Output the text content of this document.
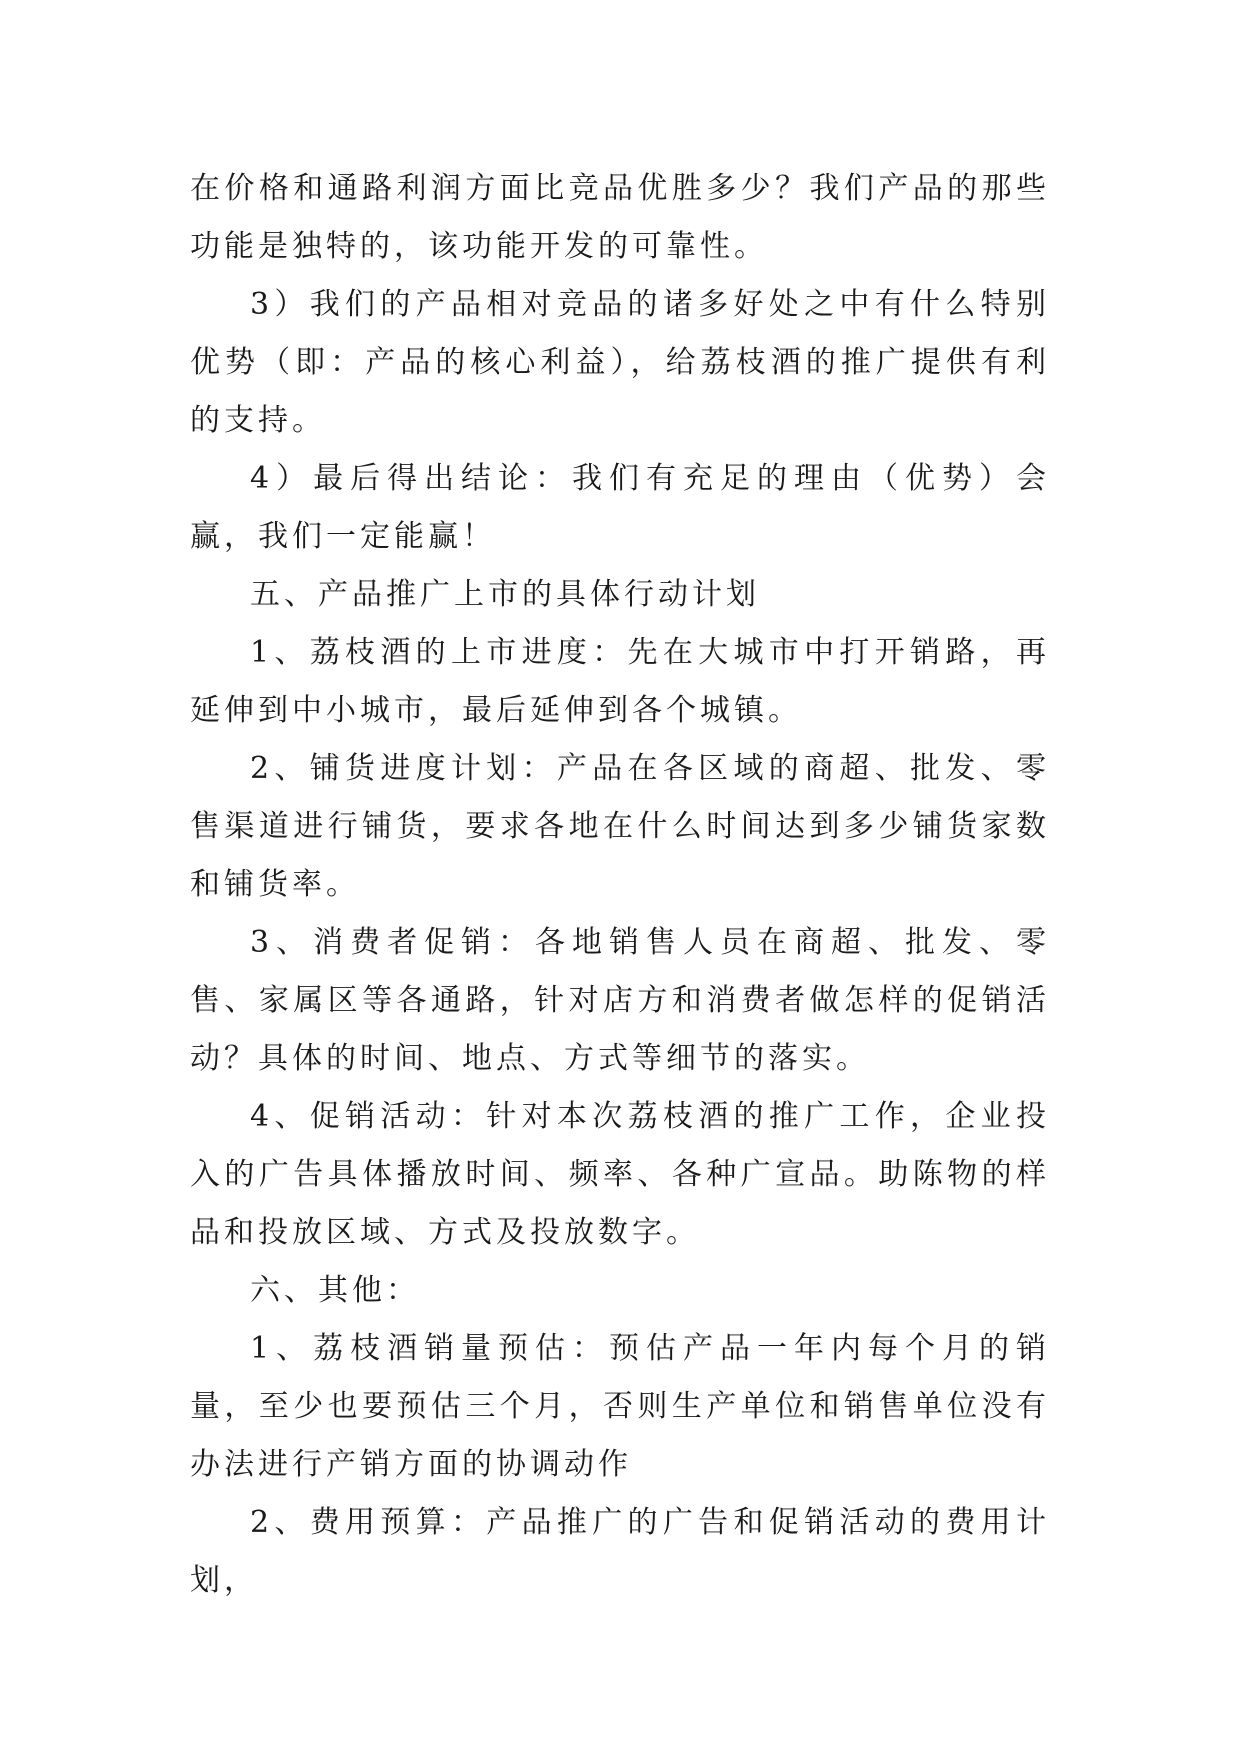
在价格和通路利润方面比竞品优胜多少？我们产品的那些功能是独特的，该功能开发的可靠性。

3）我们的产品相对竞品的诸多好处之中有什么特别优势（即：产品的核心利益），给荔枝酒的推广提供有利的支持。

4）最后得出结论：我们有充足的理由（优势）会赢，我们一定能赢！

五、产品推广上市的具体行动计划

1、荔枝酒的上市进度：先在大城市中打开销路，再延伸到中小城市，最后延伸到各个城镇。

2、铺货进度计划：产品在各区域的商超、批发、零售渠道进行铺货，要求各地在什么时间达到多少铺货家数和铺货率。

3、消费者促销：各地销售人员在商超、批发、零售、家属区等各通路，针对店方和消费者做怎样的促销活动？具体的时间、地点、方式等细节的落实。

4、促销活动：针对本次荔枝酒的推广工作，企业投入的广告具体播放时间、频率、各种广宣品。助陈物的样品和投放区域、方式及投放数字。

六、其他：

1、荔枝酒销量预估：预估产品一年内每个月的销量，至少也要预估三个月，否则生产单位和销售单位没有办法进行产销方面的协调动作

2、费用预算：产品推广的广告和促销活动的费用计划，
